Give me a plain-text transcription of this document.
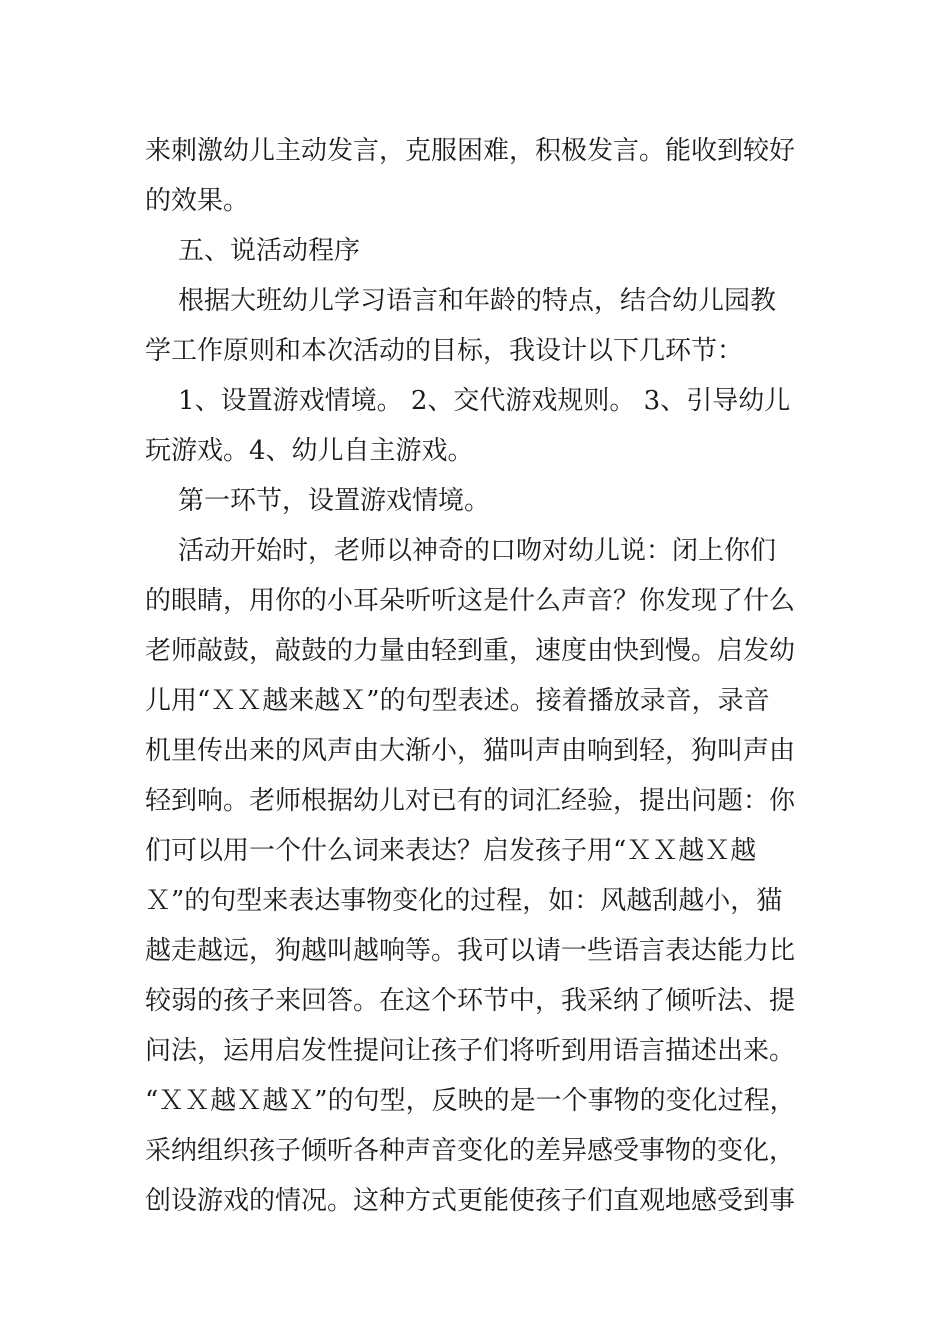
来刺激幼儿主动发言，克服困难，积极发言。能收到较好

的效果。

五、说活动程序

根据大班幼儿学习语言和年龄的特点，结合幼儿园教

学工作原则和本次活动的目标，我设计以下几环节：

1、设置游戏情境。 2、交代游戏规则。 3、引导幼儿

玩游戏。4、幼儿自主游戏。

第一环节，设置游戏情境。

活动开始时，老师以神奇的口吻对幼儿说：闭上你们

的眼睛，用你的小耳朵听听这是什么声音？你发现了什么

老师敲鼓，敲鼓的力量由轻到重，速度由快到慢。启发幼

儿用“ＸＸ越来越Ｘ”的句型表述。接着播放录音，录音

机里传出来的风声由大渐小，猫叫声由响到轻，狗叫声由

轻到响。老师根据幼儿对已有的词汇经验，提出问题：你

们可以用一个什么词来表达？启发孩子用“ＸＸ越Ｘ越

Ｘ”的句型来表达事物变化的过程，如：风越刮越小，猫

越走越远，狗越叫越响等。我可以请一些语言表达能力比

较弱的孩子来回答。在这个环节中，我采纳了倾听法、提

问法，运用启发性提问让孩子们将听到用语言描述出来。

“ＸＸ越Ｘ越Ｘ”的句型，反映的是一个事物的变化过程，

采纳组织孩子倾听各种声音变化的差异感受事物的变化，

创设游戏的情况。这种方式更能使孩子们直观地感受到事
